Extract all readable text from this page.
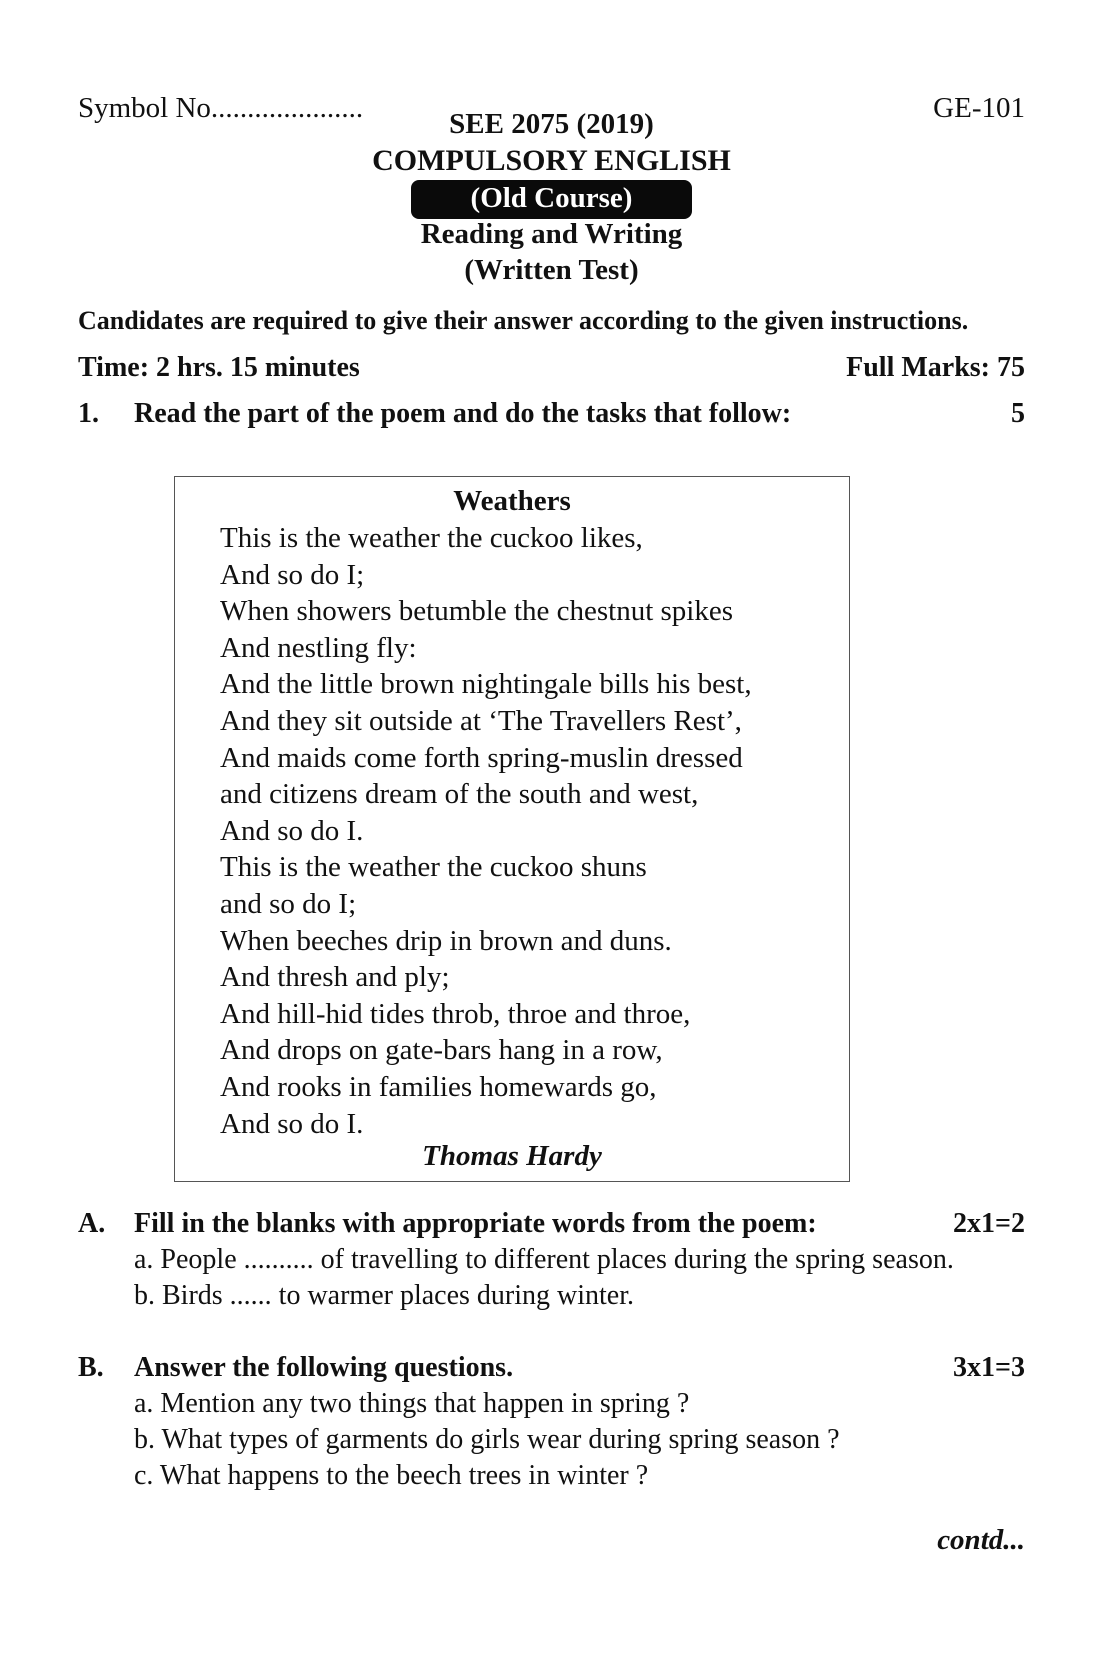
Symbol No.....................	GE-101
SEE 2075 (2019)
COMPULSORY ENGLISH
(Old Course)
Reading and Writing
(Written Test)
Candidates are required to give their answer according to the given instructions.
Time: 2 hrs. 15 minutes	Full Marks: 75
1. Read the part of the poem and do the tasks that follow:	5
Weathers
This is the weather the cuckoo likes,
And so do I;
When showers betumble the chestnut spikes
And nestling fly:
And the little brown nightingale bills his best,
And they sit outside at ‘The Travellers Rest’,
And maids come forth spring-muslin dressed
and citizens dream of the south and west,
And so do I.
This is the weather the cuckoo shuns
and so do I;
When beeches drip in brown and duns.
And thresh and ply;
And hill-hid tides throb, throe and throe,
And drops on gate-bars hang in a row,
And rooks in families homewards go,
And so do I.
Thomas Hardy
A. Fill in the blanks with appropriate words from the poem:	2x1=2
a. People .......... of travelling to different places during the spring season.
b. Birds ...... to warmer places during winter.
B. Answer the following questions.	3x1=3
a. Mention any two things that happen in spring ?
b. What types of garments do girls wear during spring season ?
c. What happens to the beech trees in winter ?
contd...
